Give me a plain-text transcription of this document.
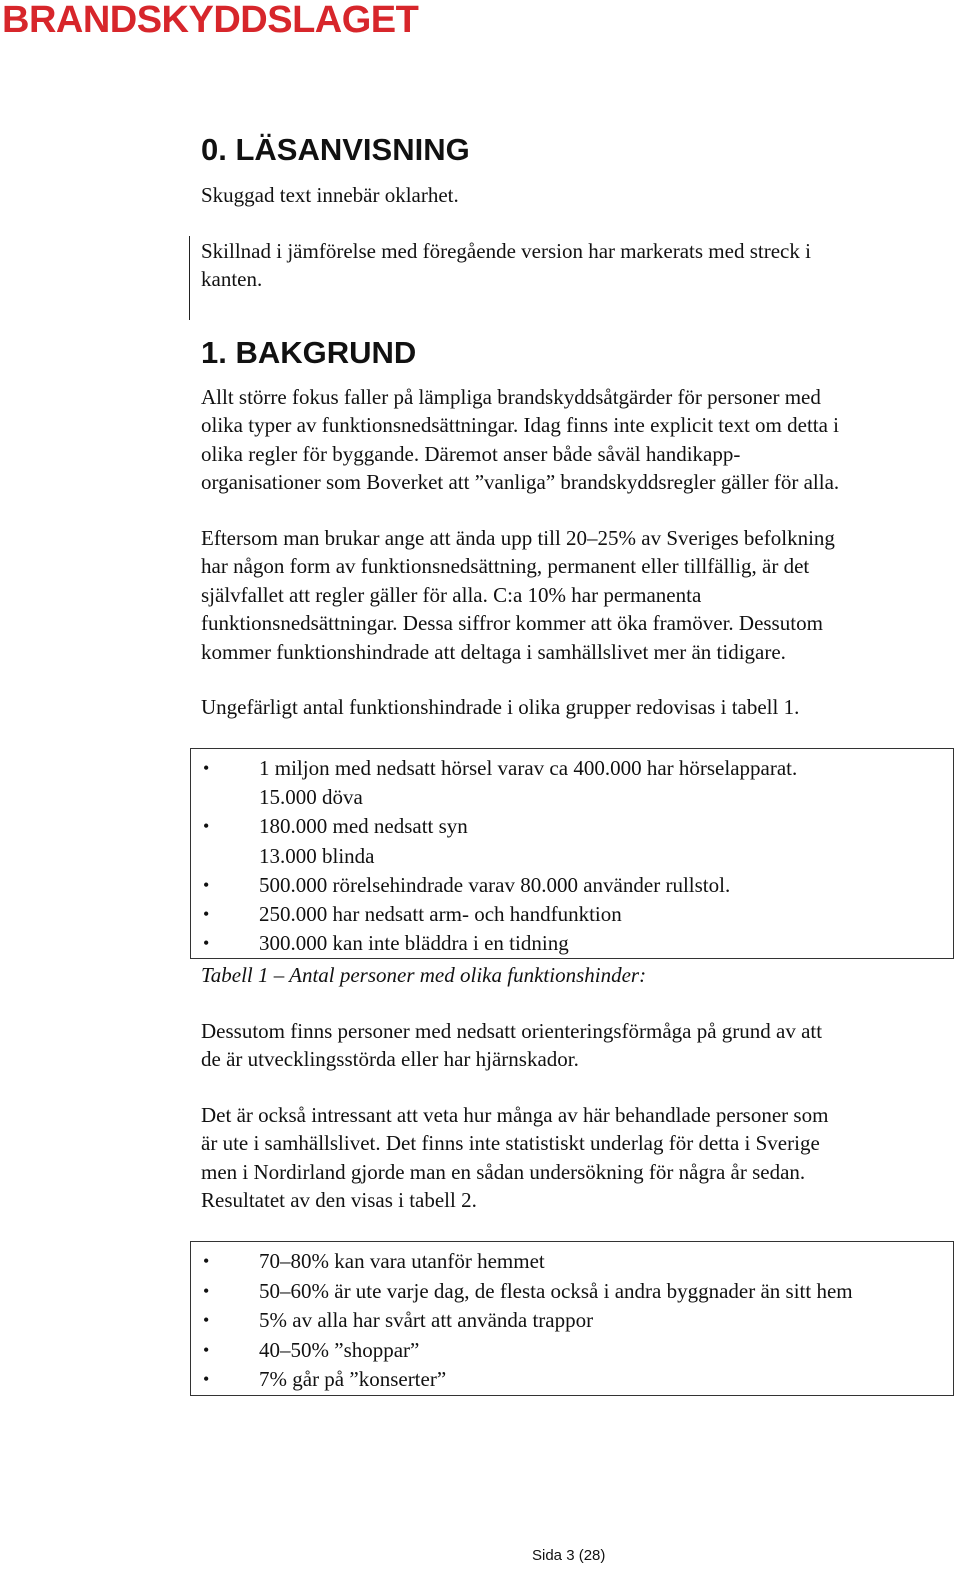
BRANDSKYDDSLAGET
0. LÄSANVISNING
Skuggad text innebär oklarhet.
Skillnad i jämförelse med föregående version har markerats med streck i
kanten.
1. BAKGRUND
Allt större fokus faller på lämpliga brandskyddsåtgärder för personer med
olika typer av funktionsnedsättningar. Idag finns inte explicit text om detta i
olika regler för byggande. Däremot anser både såväl handikapp-
organisationer som Boverket att ”vanliga” brandskyddsregler gäller för alla.
Eftersom man brukar ange att ända upp till 20–25% av Sveriges befolkning
har någon form av funktionsnedsättning, permanent eller tillfällig, är det
självfallet att regler gäller för alla. C:a 10% har permanenta
funktionsnedsättningar. Dessa siffror kommer att öka framöver. Dessutom
kommer funktionshindrade att deltaga i samhällslivet mer än tidigare.
Ungefärligt antal funktionshindrade i olika grupper redovisas i tabell 1.
• 1 miljon med nedsatt hörsel varav ca 400.000 har hörselapparat.
15.000 döva
• 180.000 med nedsatt syn
13.000 blinda
• 500.000 rörelsehindrade varav 80.000 använder rullstol.
• 250.000 har nedsatt arm- och handfunktion
• 300.000 kan inte bläddra i en tidning
Tabell 1 – Antal personer med olika funktionshinder:
Dessutom finns personer med nedsatt orienteringsförmåga på grund av att
de är utvecklingsstörda eller har hjärnskador.
Det är också intressant att veta hur många av här behandlade personer som
är ute i samhällslivet. Det finns inte statistiskt underlag för detta i Sverige
men i Nordirland gjorde man en sådan undersökning för några år sedan.
Resultatet av den visas i tabell 2.
• 70–80% kan vara utanför hemmet
• 50–60% är ute varje dag, de flesta också i andra byggnader än sitt hem
• 5% av alla har svårt att använda trappor
• 40–50% ”shoppar”
• 7% går på ”konserter”
Sida 3 (28)
